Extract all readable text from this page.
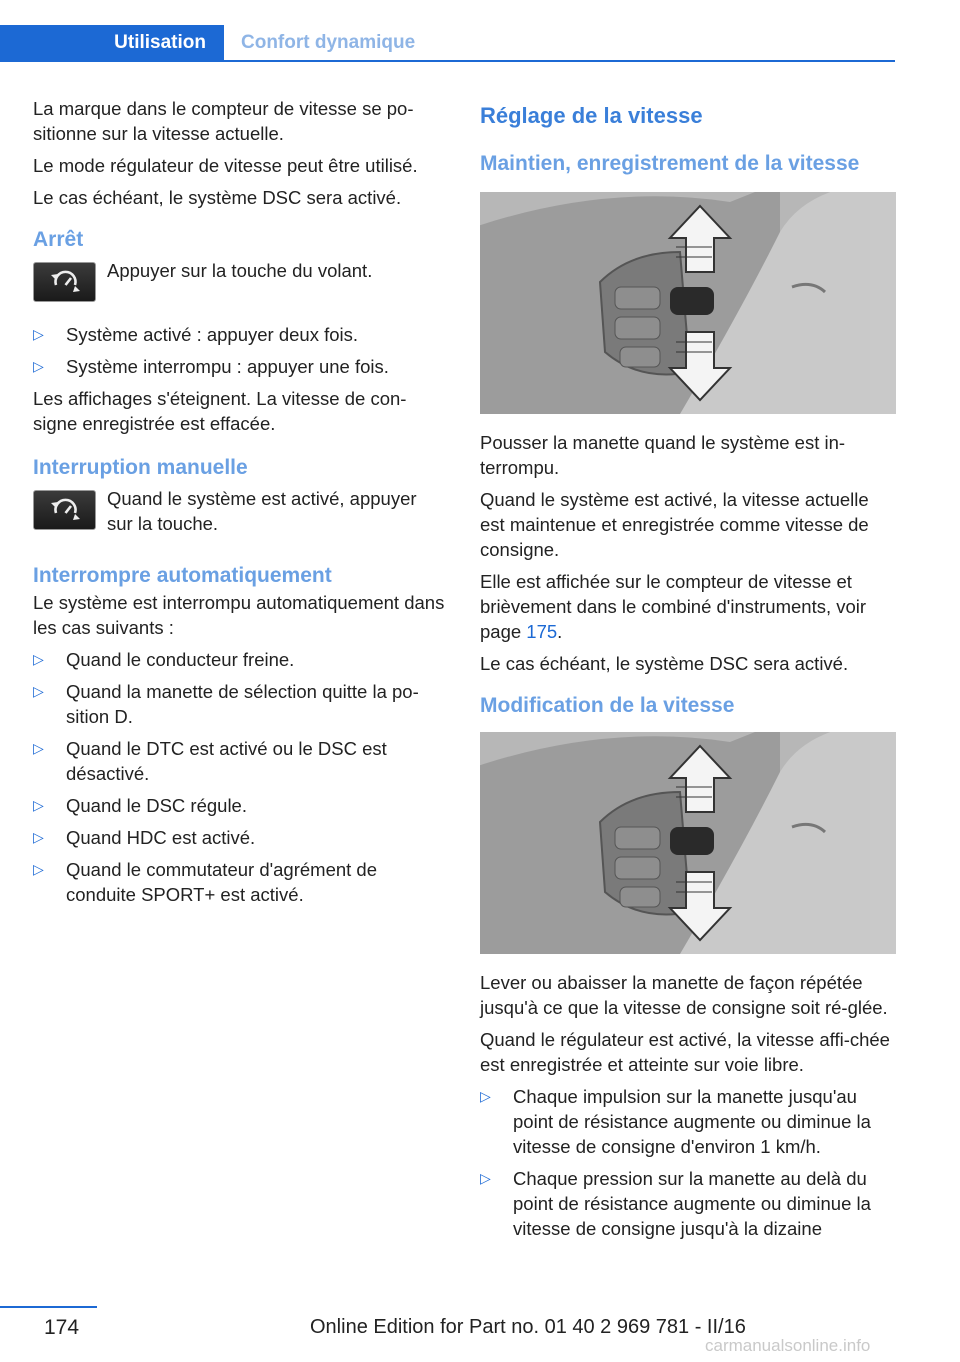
Utilisation	Confort dynamique

La marque dans le compteur de vitesse se po-sitionne sur la vitesse actuelle.

Le mode régulateur de vitesse peut être utilisé.

Le cas échéant, le système DSC sera activé.

Arrêt

Appuyer sur la touche du volant.

▷ Système activé : appuyer deux fois.
▷ Système interrompu : appuyer une fois.

Les affichages s'éteignent. La vitesse de con-signe enregistrée est effacée.

Interruption manuelle

Quand le système est activé, appuyer sur la touche.

Interrompre automatiquement

Le système est interrompu automatiquement dans les cas suivants :

▷ Quand le conducteur freine.
▷ Quand la manette de sélection quitte la po-sition D.
▷ Quand le DTC est activé ou le DSC est désactivé.
▷ Quand le DSC régule.
▷ Quand HDC est activé.
▷ Quand le commutateur d'agrément de conduite SPORT+ est activé.
Réglage de la vitesse
Maintien, enregistrement de la vitesse

Pousser la manette quand le système est in-terrompu.

Quand le système est activé, la vitesse actuelle est maintenue et enregistrée comme vitesse de consigne.

Elle est affichée sur le compteur de vitesse et brièvement dans le combiné d'instruments, voir page 175.

Le cas échéant, le système DSC sera activé.

Modification de la vitesse

Lever ou abaisser la manette de façon répétée jusqu'à ce que la vitesse de consigne soit ré-glée.

Quand le régulateur est activé, la vitesse affi-chée est enregistrée et atteinte sur voie libre.

▷ Chaque impulsion sur la manette jusqu'au point de résistance augmente ou diminue la vitesse de consigne d'environ 1 km/h.
▷ Chaque pression sur la manette au delà du point de résistance augmente ou diminue la vitesse de consigne jusqu'à la dizaine
174	Online Edition for Part no. 01 40 2 969 781 - II/16
carmanualsonline.info
